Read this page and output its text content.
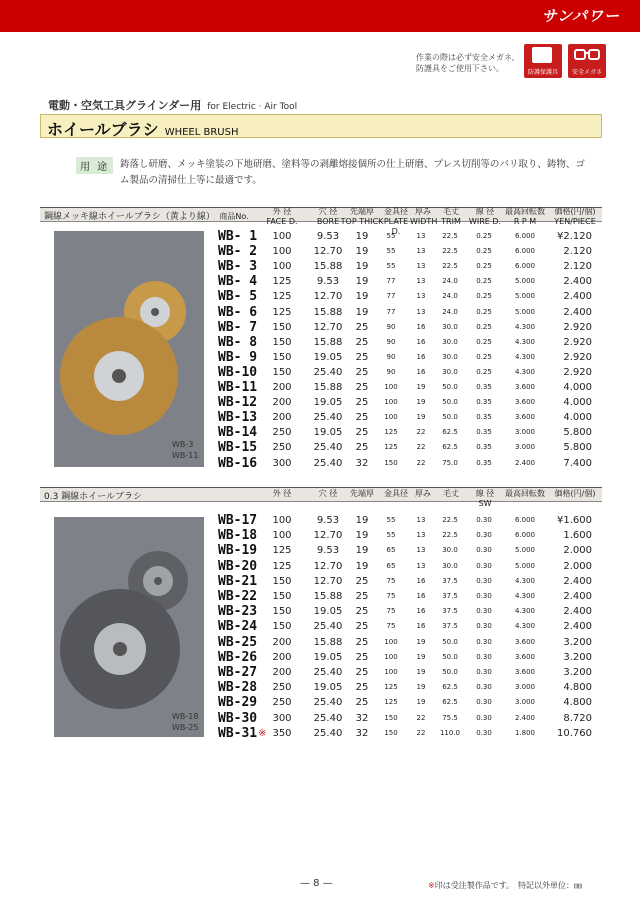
サンパワー
作業の際は必ず安全メガネ、
防護具をご使用下さい。	防護保護具	安全メガネ
電動・空気工具グラインダー用 for Electric · Air Tool
ホイールブラシ WHEEL BRUSH
用 途	鋳落し研磨、メッキ塗装の下地研磨、塗料等の剥離熔接個所の仕上研磨、プレス切削等のバリ取り、鋳物、ゴム製品の清掃仕上等に最適です。
鋼線メッキ線ホイールブラシ（黄より線） 商品No.
外 径
FACE D.
穴 径
BORE
先端厚
TOP THICK
金具径
PLATE D.
厚み
WIDTH
毛丈
TRIM
線 径
WIRE D.
最高回転数
R P M
価格(円/個)
YEN/PIECE
WB-3
WB-11
WB- 1 100	9.53	19	55	13	22.5	0.25	6.000	¥2.120
WB- 2 100	12.70	19	55	13	22.5	0.25	6.000	2.120
WB- 3 100	15.88	19	55	13	22.5	0.25	6.000	2.120
WB- 4 125	9.53	19	77	13	24.0	0.25	5.000	2.400
WB- 5 125	12.70	19	77	13	24.0	0.25	5.000	2.400
WB- 6 125	15.88	19	77	13	24.0	0.25	5.000	2.400
WB- 7 150	12.70	25	90	16	30.0	0.25	4.300	2.920
WB- 8 150	15.88	25	90	16	30.0	0.25	4.300	2.920
WB- 9 150	19.05	25	90	16	30.0	0.25	4.300	2.920
WB-10 150	25.40	25	90	16	30.0	0.25	4.300	2.920
WB-11 200	15.88	25	100	19	50.0	0.35	3.600	4.000
WB-12 200	19.05	25	100	19	50.0	0.35	3.600	4.000
WB-13 200	25.40	25	100	19	50.0	0.35	3.600	4.000
WB-14 250	19.05	25	125	22	62.5	0.35	3.000	5.800
WB-15 250	25.40	25	125	22	62.5	0.35	3.000	5.800
WB-16 300	25.40	32	150	22	75.0	0.35	2.400	7.400
0.3 鋼線ホイールブラシ	外 径	穴 径	先端厚	金具径 厚み	毛丈	線 径
SW
最高回転数	価格(円/個)
WB-18
WB-25
WB-17 100	9.53	19	55	13	22.5	0.30	6.000	¥1.600
WB-18 100	12.70	19	55	13	22.5	0.30	6.000	1.600
WB-19 125	9.53	19	65	13	30.0	0.30	5.000	2.000
WB-20 125	12.70	19	65	13	30.0	0.30	5.000	2.000
WB-21 150	12.70	25	75	16	37.5	0.30	4.300	2.400
WB-22 150	15.88	25	75	16	37.5	0.30	4.300	2.400
WB-23 150	19.05	25	75	16	37.5	0.30	4.300	2.400
WB-24 150	25.40	25	75	16	37.5	0.30	4.300	2.400
WB-25 200	15.88	25	100	19	50.0	0.30	3.600	3.200
WB-26 200	19.05	25	100	19	50.0	0.30	3.600	3.200
WB-27 200	25.40	25	100	19	50.0	0.30	3.600	3.200
WB-28 250	19.05	25	125	19	62.5	0.30	3.000	4.800
WB-29 250	25.40	25	125	19	62.5	0.30	3.000	4.800
WB-30 300	25.40	32	150	22	75.5	0.30	2.400	8.720
WB-31 ※ 350	25.40	32	150	22	110.0	0.30	1.800	10.760
— 8 —	※印は受注製作品です。　特記以外単位：㎜
